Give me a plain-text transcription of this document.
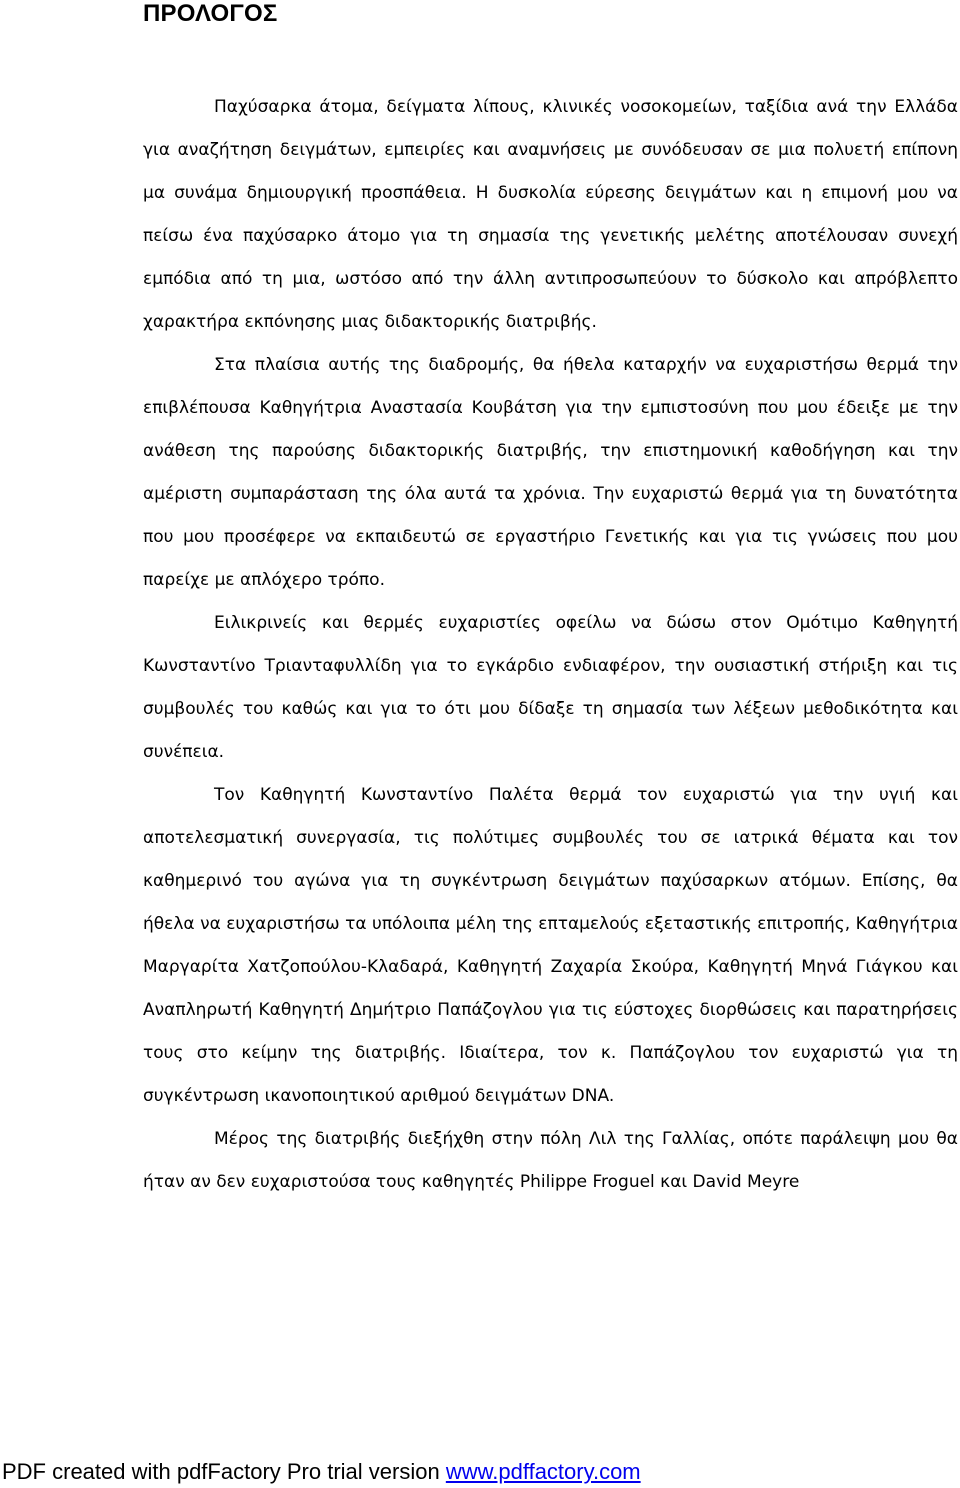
ΠΡΟΛΟΓΟΣ

Παχύσαρκα άτομα, δείγματα λίπους, κλινικές νοσοκομείων, ταξίδια ανά την Ελλάδα για αναζήτηση δειγμάτων, εμπειρίες και αναμνήσεις με συνόδευσαν σε μια πολυετή επίπονη μα συνάμα δημιουργική προσπάθεια. Η δυσκολία εύρεσης δειγμάτων και η επιμονή μου να πείσω ένα παχύσαρκο άτομο για τη σημασία της γενετικής μελέτης αποτέλουσαν συνεχή εμπόδια από τη μια, ωστόσο από την άλλη αντιπροσωπεύουν το δύσκολο και απρόβλεπτο χαρακτήρα εκπόνησης μιας διδακτορικής διατριβής.

Στα πλαίσια αυτής της διαδρομής, θα ήθελα καταρχήν να ευχαριστήσω θερμά την επιβλέπουσα Καθηγήτρια Αναστασία Κουβάτση για την εμπιστοσύνη που μου έδειξε με την ανάθεση της παρούσης διδακτορικής διατριβής, την επιστημονική καθοδήγηση και την αμέριστη συμπαράσταση της όλα αυτά τα χρόνια. Την ευχαριστώ θερμά για τη δυνατότητα που μου προσέφερε να εκπαιδευτώ σε εργαστήριο Γενετικής και για τις γνώσεις που μου παρείχε με απλόχερο τρόπο.

Ειλικρινείς και θερμές ευχαριστίες οφείλω να δώσω στον Ομότιμο Καθηγητή Κωνσταντίνο Τριανταφυλλίδη για το εγκάρδιο ενδιαφέρον, την ουσιαστική στήριξη και τις συμβουλές του καθώς και για το ότι μου δίδαξε τη σημασία των λέξεων μεθοδικότητα και συνέπεια.

Τον Καθηγητή Κωνσταντίνο Παλέτα θερμά τον ευχαριστώ για την υγιή και αποτελεσματική συνεργασία, τις πολύτιμες συμβουλές του σε ιατρικά θέματα και τον καθημερινό του αγώνα για τη συγκέντρωση δειγμάτων παχύσαρκων ατόμων. Επίσης, θα ήθελα να ευχαριστήσω τα υπόλοιπα μέλη της επταμελούς εξεταστικής επιτροπής, Καθηγήτρια Μαργαρίτα Χατζοπούλου-Κλαδαρά, Καθηγητή Ζαχαρία Σκούρα, Καθηγητή Μηνά Γιάγκου και Αναπληρωτή Καθηγητή Δημήτριο Παπάζογλου για τις εύστοχες διορθώσεις και παρατηρήσεις τους στο κείμην της διατριβής. Ιδιαίτερα, τον κ. Παπάζογλου τον ευχαριστώ για τη συγκέντρωση ικανοποιητικού αριθμού δειγμάτων DNA.

Μέρος της διατριβής διεξήχθη στην πόλη Λιλ της Γαλλίας, οπότε παράλειψη μου θα ήταν αν δεν ευχαριστούσα τους καθηγητές Philippe Froguel και David Meyre

PDF created with pdfFactory Pro trial version www.pdffactory.com
